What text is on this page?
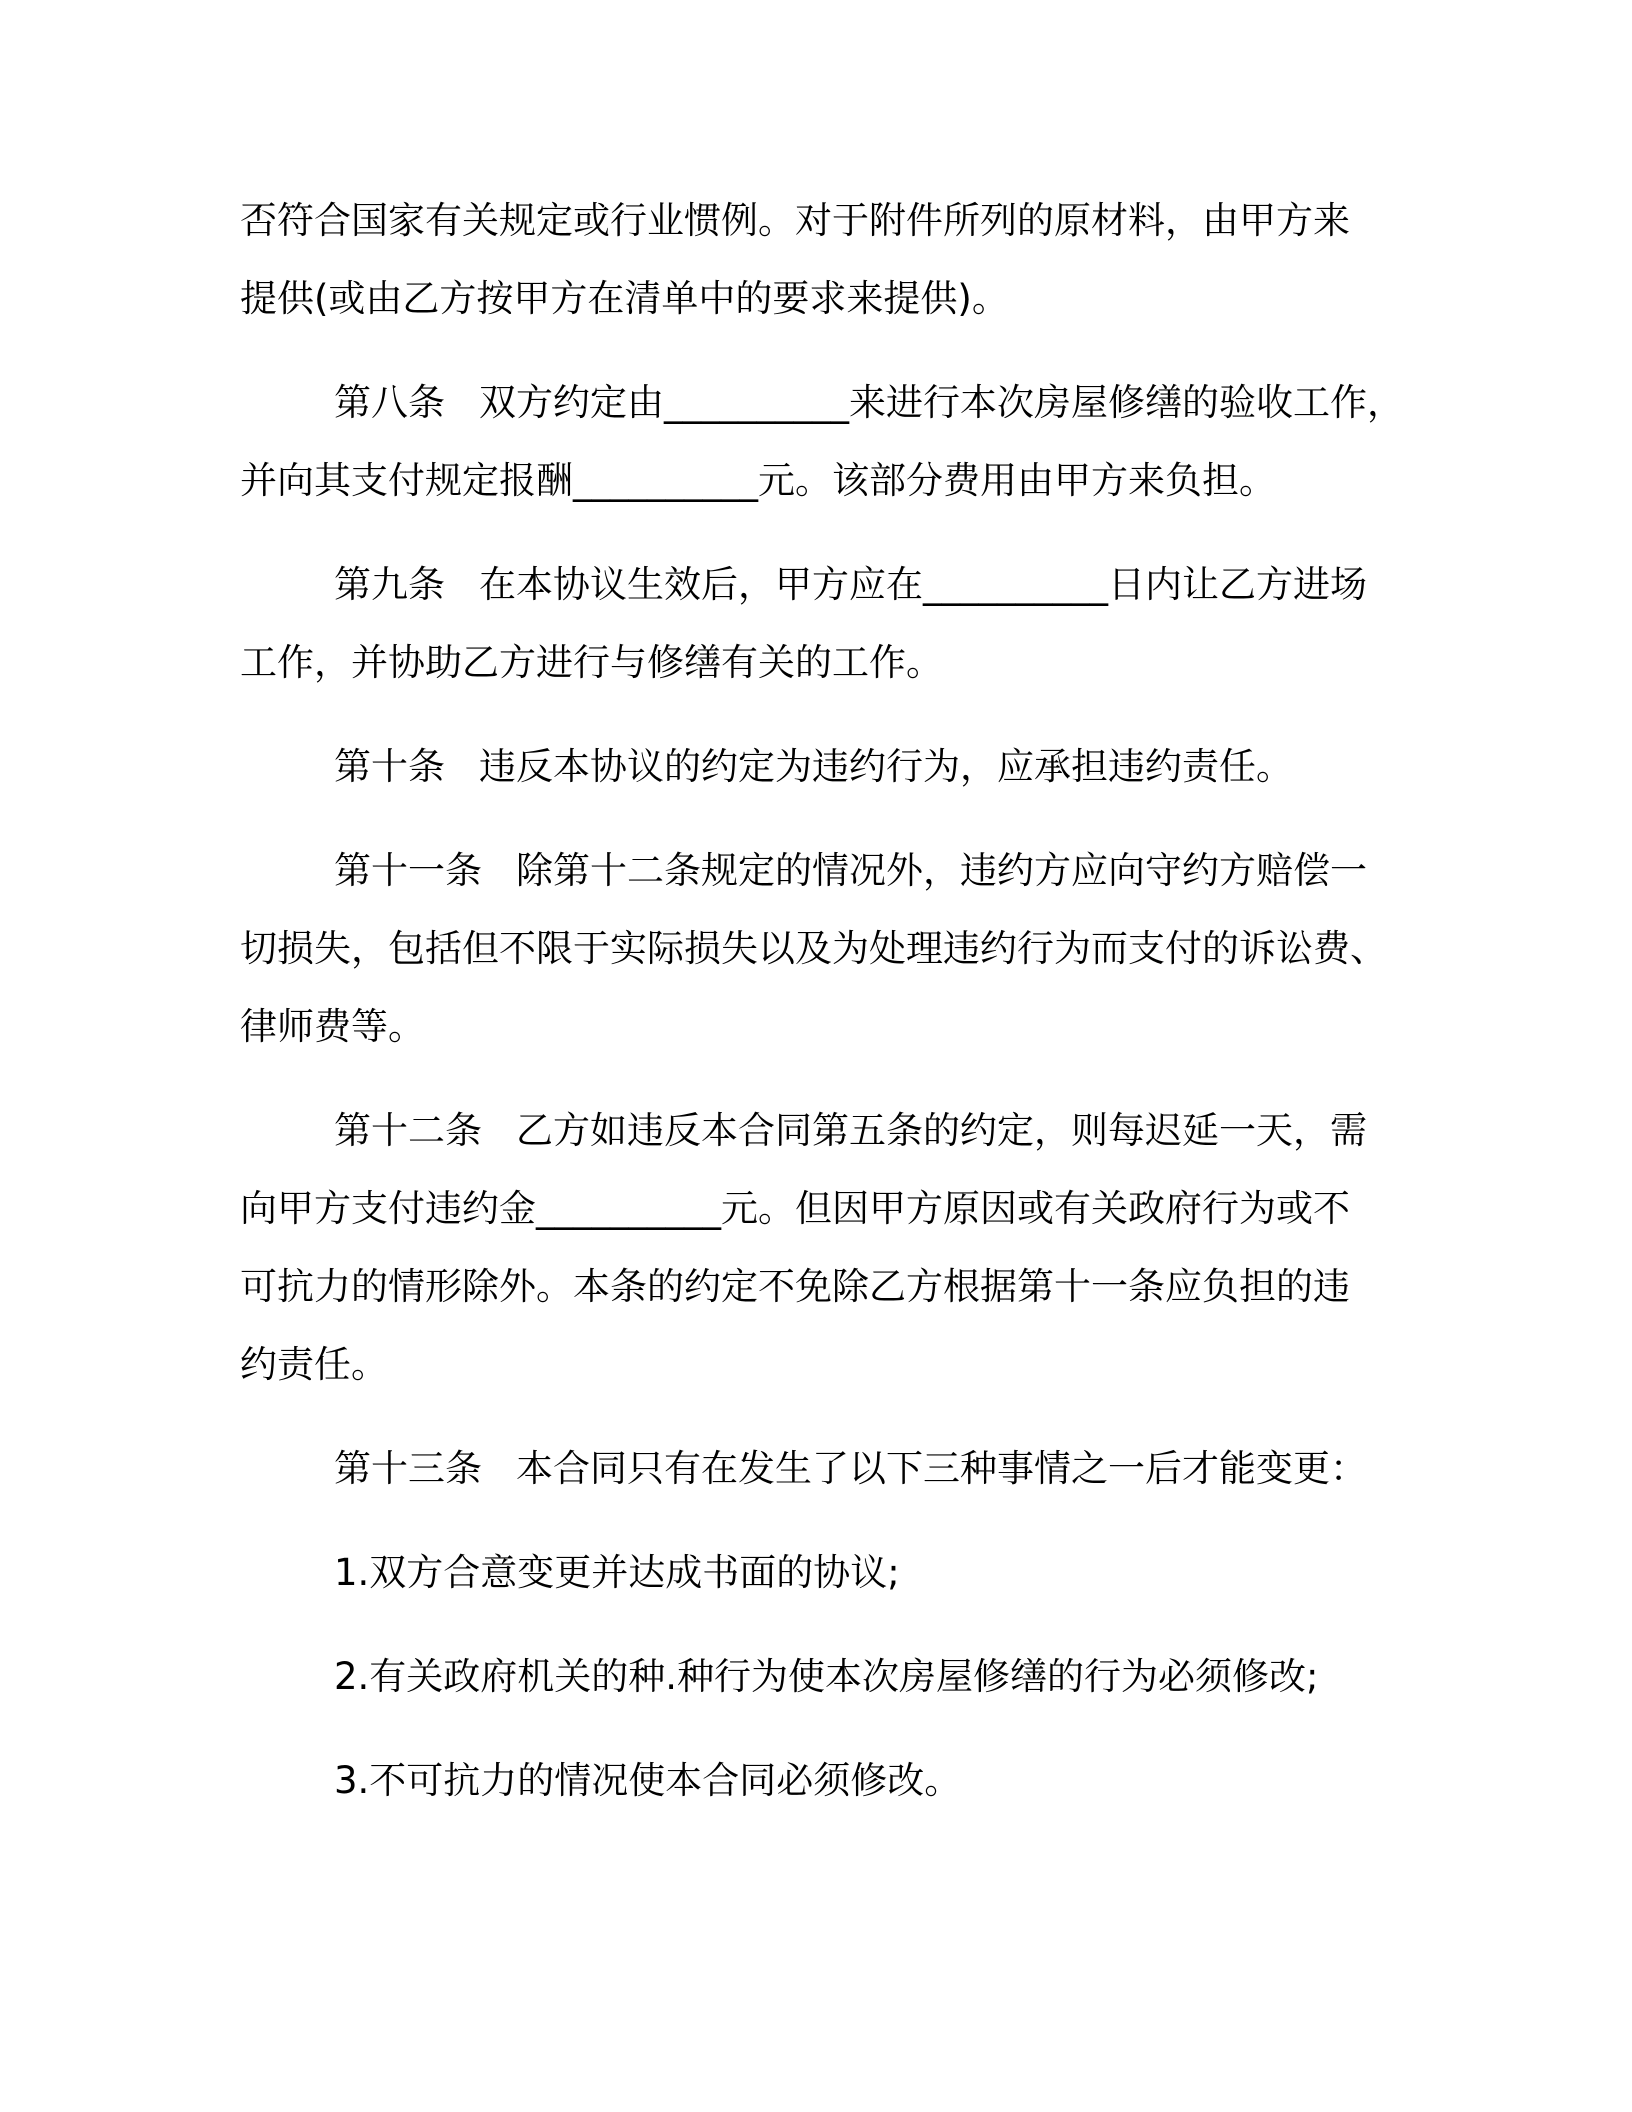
否符合国家有关规定或行业惯例。对于附件所列的原材料，由甲方来
提供(或由乙方按甲方在清单中的要求来提供)。

第八条 双方约定由__________来进行本次房屋修缮的验收工作，
并向其支付规定报酬__________元。该部分费用由甲方来负担。

第九条 在本协议生效后，甲方应在__________日内让乙方进场
工作，并协助乙方进行与修缮有关的工作。

第十条 违反本协议的约定为违约行为，应承担违约责任。

第十一条 除第十二条规定的情况外，违约方应向守约方赔偿一
切损失，包括但不限于实际损失以及为处理违约行为而支付的诉讼费、
律师费等。

第十二条 乙方如违反本合同第五条的约定，则每迟延一天，需
向甲方支付违约金__________元。但因甲方原因或有关政府行为或不
可抗力的情形除外。本条的约定不免除乙方根据第十一条应负担的违
约责任。

第十三条 本合同只有在发生了以下三种事情之一后才能变更：

1.双方合意变更并达成书面的协议;

2.有关政府机关的种.种行为使本次房屋修缮的行为必须修改;

3.不可抗力的情况使本合同必须修改。
